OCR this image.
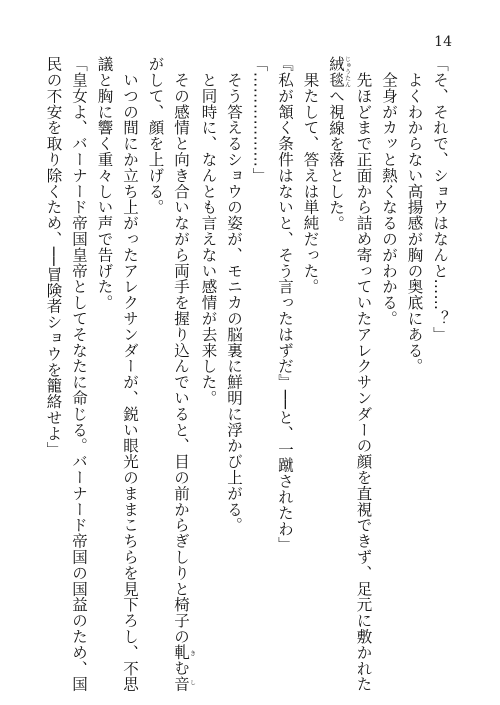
14
「そ、それで、ショウはなんと……？」
　よくわからない高揚感が胸の奥底にある。
　全身がカッと熱くなるのがわかる。
　先ほどまで正面から詰め寄っていたアレクサンダーの顔を直視できず、足元に敷かれた
絨毯じゅうたんへ視線を落とした。
　果たして、答えは単純だった。
『私が頷く条件はないと、そう言ったはずだ』──と、一蹴されたわ」
「………………」
　そう答えるショウの姿が、モニカの脳裏に鮮明に浮かび上がる。
　と同時に、なんとも言えない感情が去来した。
　その感情と向き合いながら両手を握り込んでいると、目の前からぎしりと椅子の軋む音きし
がして、顔を上げる。
　いつの間にか立ち上がったアレクサンダーが、鋭い眼光のままこちらを見下ろし、不思
議と胸に響く重々しい声で告げた。
「皇女よ、バーナード帝国皇帝としてそなたに命じる。バーナード帝国の国益のため、国
民の不安を取り除くため、──冒険者ショウを籠絡せよ」
